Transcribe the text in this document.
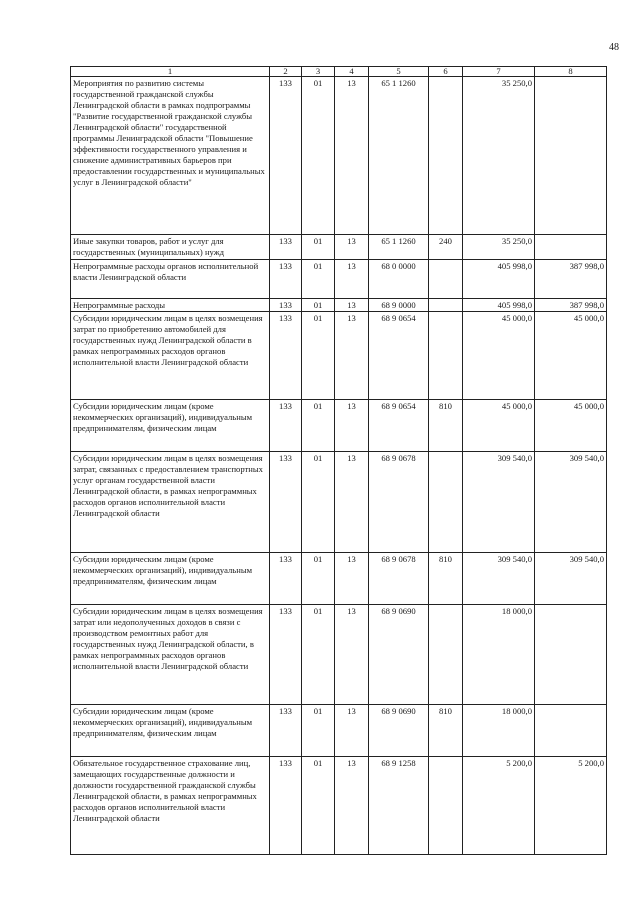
48
1	2	3	4	5	6	7	8
Мероприятия по развитию системы государственной гражданской службы Ленинградской области в рамках подпрограммы "Развитие государственной гражданской службы Ленинградской области" государственной программы Ленинградской области "Повышение эффективности государственного управления и снижение административных барьеров при предоставлении государственных и муниципальных услуг в Ленинградской области"	133	01	13	65 1 1260		35 250,0	
Иные закупки товаров, работ и услуг для государственных (муниципальных) нужд	133	01	13	65 1 1260	240	35 250,0	
Непрограммные расходы органов исполнительной власти Ленинградской области	133	01	13	68 0 0000		405 998,0	387 998,0
Непрограммные расходы	133	01	13	68 9 0000		405 998,0	387 998,0
Субсидии юридическим лицам в целях возмещения затрат по приобретению автомобилей для государственных нужд Ленинградской области в рамках непрограммных расходов органов исполнительной власти Ленинградской области	133	01	13	68 9 0654		45 000,0	45 000,0
Субсидии юридическим лицам (кроме некоммерческих организаций), индивидуальным предпринимателям, физическим лицам	133	01	13	68 9 0654	810	45 000,0	45 000,0
Субсидии юридическим лицам в целях возмещения затрат, связанных с предоставлением транспортных услуг органам государственной власти Ленинградской области, в рамках непрограммных расходов органов исполнительной власти Ленинградской области	133	01	13	68 9 0678		309 540,0	309 540,0
Субсидии юридическим лицам (кроме некоммерческих организаций), индивидуальным предпринимателям, физическим лицам	133	01	13	68 9 0678	810	309 540,0	309 540,0
Субсидии юридическим лицам в целях возмещения затрат или недополученных доходов в связи с производством ремонтных работ для государственных нужд Ленинградской области, в рамках непрограммных расходов органов исполнительной власти Ленинградской области	133	01	13	68 9 0690		18 000,0	
Субсидии юридическим лицам (кроме некоммерческих организаций), индивидуальным предпринимателям, физическим лицам	133	01	13	68 9 0690	810	18 000,0	
Обязательное государственное страхование лиц, замещающих государственные должности и должности государственной гражданской службы Ленинградской области, в рамках непрограммных расходов органов исполнительной власти Ленинградской области	133	01	13	68 9 1258		5 200,0	5 200,0
